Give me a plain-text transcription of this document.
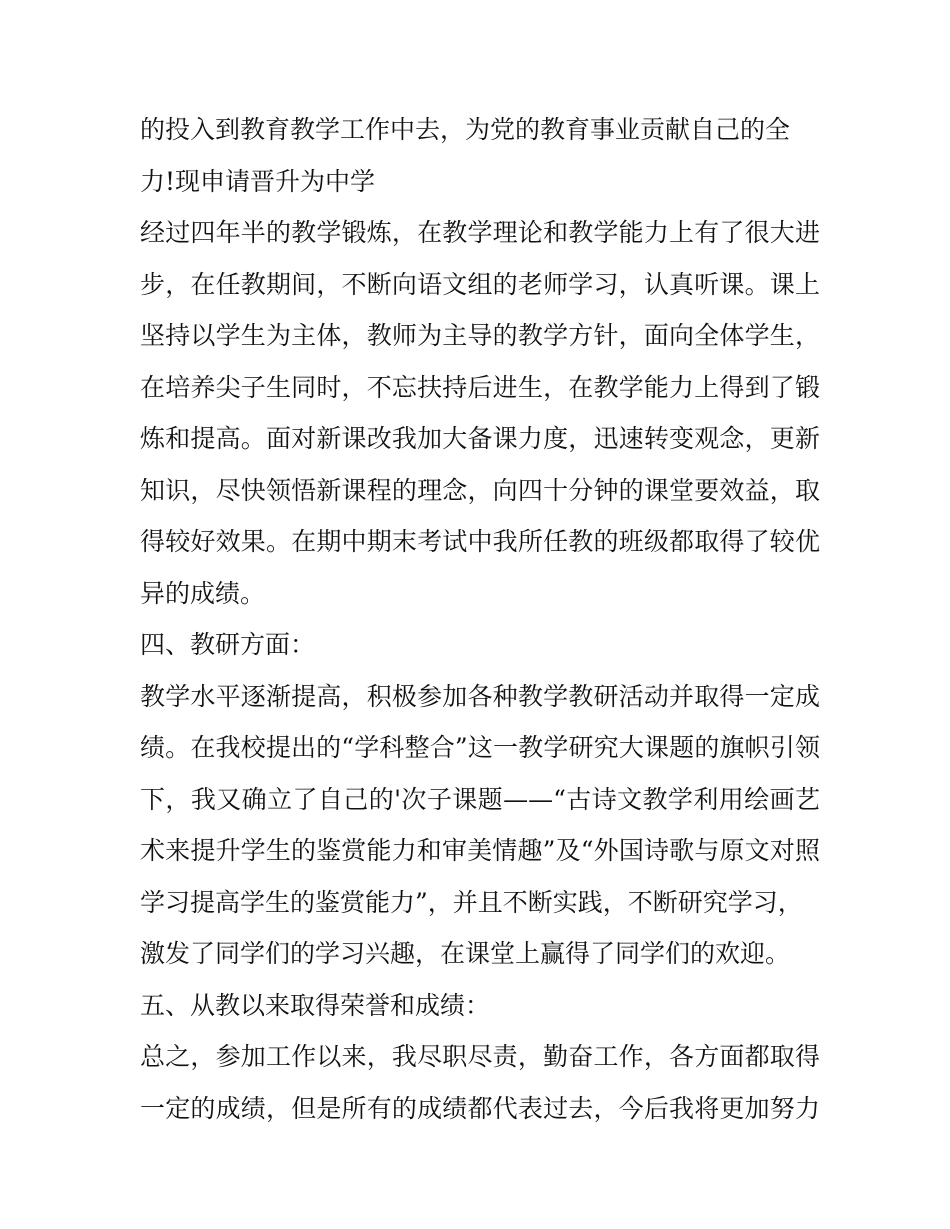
的投入到教育教学工作中去，为党的教育事业贡献自己的全
力!现申请晋升为中学
经过四年半的教学锻炼，在教学理论和教学能力上有了很大进
步，在任教期间，不断向语文组的老师学习，认真听课。课上
坚持以学生为主体，教师为主导的教学方针，面向全体学生，
在培养尖子生同时，不忘扶持后进生，在教学能力上得到了锻
炼和提高。面对新课改我加大备课力度，迅速转变观念，更新
知识，尽快领悟新课程的理念，向四十分钟的课堂要效益，取
得较好效果。在期中期末考试中我所任教的班级都取得了较优
异的成绩。
四、教研方面：
教学水平逐渐提高，积极参加各种教学教研活动并取得一定成
绩。在我校提出的“学科整合”这一教学研究大课题的旗帜引领
下，我又确立了自己的'次子课题——“古诗文教学利用绘画艺
术来提升学生的鉴赏能力和审美情趣”及“外国诗歌与原文对照
学习提高学生的鉴赏能力”，并且不断实践，不断研究学习，
激发了同学们的学习兴趣，在课堂上赢得了同学们的欢迎。
五、从教以来取得荣誉和成绩：
总之，参加工作以来，我尽职尽责，勤奋工作，各方面都取得
一定的成绩，但是所有的成绩都代表过去，今后我将更加努力
